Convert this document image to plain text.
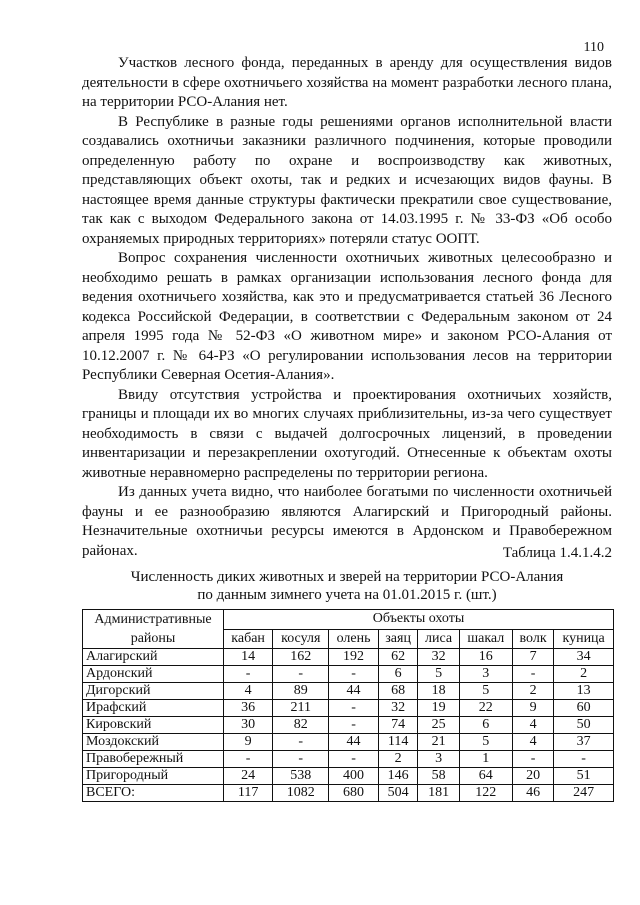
110

Участков лесного фонда, переданных в аренду для осуществления видов деятельности в сфере охотничьего хозяйства на момент разработки лесного плана, на территории РСО-Алания нет.

В Республике в разные годы решениями органов исполнительной власти создавались охотничьи заказники различного подчинения, которые проводили определенную работу по охране и воспроизводству как животных, представляющих объект охоты, так и редких и исчезающих видов фауны. В настоящее время данные структуры фактически прекратили свое существование, так как с выходом Федерального закона от 14.03.1995 г. № 33-ФЗ «Об особо охраняемых природных территориях» потеряли статус ООПТ.

Вопрос сохранения численности охотничьих животных целесообразно и необходимо решать в рамках организации использования лесного фонда для ведения охотничьего хозяйства, как это и предусматривается статьей 36 Лесного кодекса Российской Федерации, в соответствии с Федеральным законом от 24 апреля 1995 года № 52-ФЗ «О животном мире» и законом РСО-Алания от 10.12.2007 г. № 64-РЗ «О регулировании использования лесов на территории Республики Северная Осетия-Алания».

Ввиду отсутствия устройства и проектирования охотничьих хозяйств, границы и площади их во многих случаях приблизительны, из-за чего существует необходимость в связи с выдачей долгосрочных лицензий, в проведении инвентаризации и перезакреплении охотугодий. Отнесенные к объектам охоты животные неравномерно распределены по территории региона.

Из данных учета видно, что наиболее богатыми по численности охотничьей фауны и ее разнообразию являются Алагирский и Пригородный районы. Незначительные охотничьи ресурсы имеются в Ардонском и Правобережном районах.	Таблица 1.4.1.4.2
Численность диких животных и зверей на территории РСО-Алания
по данным зимнего учета на 01.01.2015 г. (шт.)
Административные районы	Объекты охоты							
	кабан	косуля	олень	заяц	лиса	шакал	волк	куница
Алагирский	14	162	192	62	32	16	7	34
Ардонский	-	-	-	6	5	3	-	2
Дигорский	4	89	44	68	18	5	2	13
Ирафский	36	211	-	32	19	22	9	60
Кировский	30	82	-	74	25	6	4	50
Моздокский	9	-	44	114	21	5	4	37
Правобережный	-	-	-	2	3	1	-	-
Пригородный	24	538	400	146	58	64	20	51
ВСЕГО:	117	1082	680	504	181	122	46	247
